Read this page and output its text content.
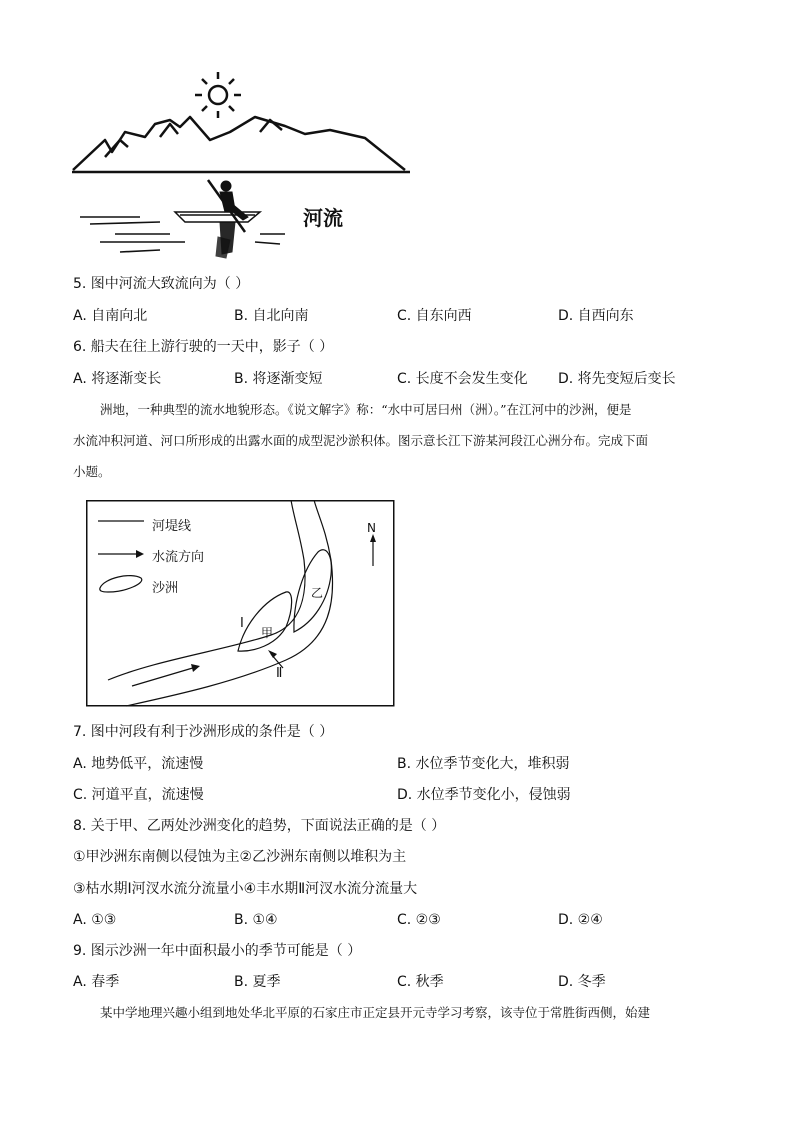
河流
5. 图中河流大致流向为（ ）
A. 自南向北	B. 自北向南	C. 自东向西	D. 自西向东
6. 船夫在往上游行驶的一天中，影子（ ）
A. 将逐渐变长	B. 将逐渐变短	C. 长度不会发生变化 D. 将先变短后变长
洲地，一种典型的流水地貌形态。《说文解字》称：“水中可居曰州（洲）。”在江河中的沙洲，便是
水流冲积河道、河口所形成的出露水面的成型泥沙淤积体。图示意长江下游某河段江心洲分布。完成下面
小题。
河堤线
水流方向
沙洲
N
甲
乙
Ⅰ
Ⅱ
7. 图中河段有利于沙洲形成的条件是（ ）
A. 地势低平，流速慢	B. 水位季节变化大，堆积弱
C. 河道平直，流速慢	D. 水位季节变化小，侵蚀弱
8. 关于甲、乙两处沙洲变化的趋势，下面说法正确的是（ ）
①甲沙洲东南侧以侵蚀为主②乙沙洲东南侧以堆积为主
③枯水期Ⅰ河汊水流分流量小④丰水期Ⅱ河汊水流分流量大
A. ①③	B. ①④	C. ②③	D. ②④
9. 图示沙洲一年中面积最小的季节可能是（ ）
A. 春季	B. 夏季	C. 秋季	D. 冬季
某中学地理兴趣小组到地处华北平原的石家庄市正定县开元寺学习考察，该寺位于常胜街西侧，始建
